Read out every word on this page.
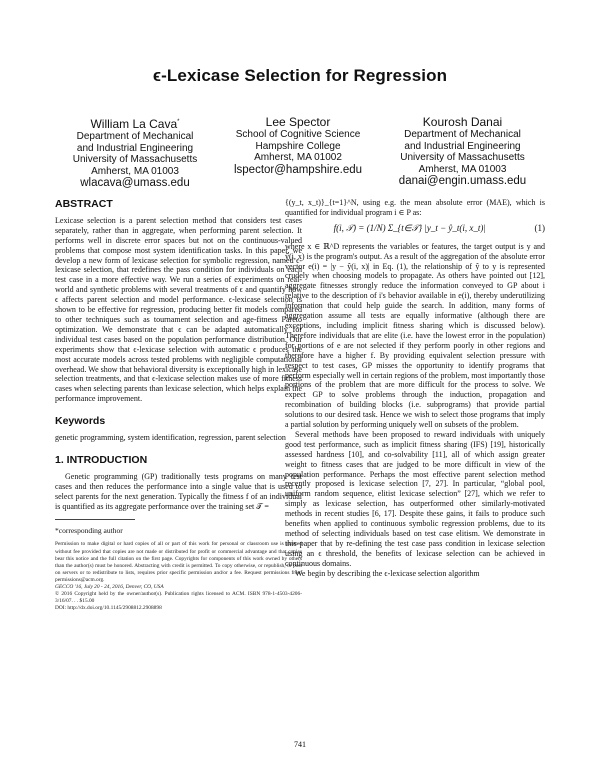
ϵ-Lexicase Selection for Regression
William La Cava*
Department of Mechanical
and Industrial Engineering
University of Massachusetts
Amherst, MA 01003
wlacava@umass.edu
Lee Spector
School of Cognitive Science
Hampshire College
Amherst, MA 01002
lspector@hampshire.edu
Kourosh Danai
Department of Mechanical
and Industrial Engineering
University of Massachusetts
Amherst, MA 01003
danai@engin.umass.edu
ABSTRACT

Lexicase selection is a parent selection method that considers test cases separately, rather than in aggregate, when performing parent selection. It performs well in discrete error spaces but not on the continuous-valued problems that compose most system identification tasks. In this paper, we develop a new form of lexicase selection for symbolic regression, named ϵ-lexicase selection, that redefines the pass condition for individuals on each test case in a more effective way. We run a series of experiments on real-world and synthetic problems with several treatments of ϵ and quantify how ϵ affects parent selection and model performance. ϵ-lexicase selection is shown to be effective for regression, producing better fit models compared to other techniques such as tournament selection and age-fitness Pareto optimization. We demonstrate that ϵ can be adapted automatically for individual test cases based on the population performance distribution. Our experiments show that ϵ-lexicase selection with automatic ϵ produces the most accurate models across tested problems with negligible computational overhead. We show that behavioral diversity is exceptionally high in lexicase selection treatments, and that ϵ-lexicase selection makes use of more fitness cases when selecting parents than lexicase selection, which helps explain the performance improvement.

Keywords

genetic programming, system identification, regression, parent selection

1. INTRODUCTION

Genetic programming (GP) traditionally tests programs on many test cases and then reduces the performance into a single value that is used to select parents for the next generation. Typically the fitness f of an individual is quantified as its aggregate performance over the training set 𝒯 =

*corresponding author
Permission to make digital or hard copies of all or part of this work for personal or classroom use is granted without fee provided that copies are not made or distributed for profit or commercial advantage and that copies bear this notice and the full citation on the first page. Copyrights for components of this work owned by others than the author(s) must be honored. Abstracting with credit is permitted. To copy otherwise, or republish, to post on servers or to redistribute to lists, requires prior specific permission and/or a fee. Request permissions from permissions@acm.org.
GECCO '16, July 20 - 24, 2016, Denver, CO, USA
© 2016 Copyright held by the owner/author(s). Publication rights licensed to ACM. ISBN 978-1-4503-4206-3/16/07. . . $15.00
DOI: http://dx.doi.org/10.1145/2908812.2908898

{(y_t, x_t)}_{t=1}^N, using e.g. the mean absolute error (MAE), which is quantified for individual program i ∈ P as:

f(i, 𝒯) = (1/N) Σ_{t∈𝒯} |y_t − ŷ_t(i, x_t)|	(1)

where x ∈ ℝ^D represents the variables or features, the target output is y and ŷ(i, x) is the program's output. As a result of the aggregation of the absolute error vector e(i) = |y − ŷ(i, x)| in Eq. (1), the relationship of ŷ to y is represented crudely when choosing models to propagate. As others have pointed out [12], aggregate fitnesses strongly reduce the information conveyed to GP about i relative to the description of i's behavior available in e(i), thereby underutilizing information that could help guide the search. In addition, many forms of aggregation assume all tests are equally informative (although there are exceptions, including implicit fitness sharing which is discussed below). Therefore individuals that are elite (i.e. have the lowest error in the population) for portions of e are not selected if they perform poorly in other regions and therefore have a higher f. By providing equivalent selection pressure with respect to test cases, GP misses the opportunity to identify programs that perform especially well in certain regions of the problem, most importantly those portions of the problem that are more difficult for the process to solve. We expect GP to solve problems through the induction, propagation and recombination of building blocks (i.e. subprograms) that provide partial solutions to our desired task. Hence we wish to select those programs that imply a partial solution by performing uniquely well on subsets of the problem.

Several methods have been proposed to reward individuals with uniquely good test performance, such as implicit fitness sharing (IFS) [19], historically assessed hardness [10], and co-solvability [11], all of which assign greater weight to fitness cases that are judged to be more difficult in view of the population performance. Perhaps the most effective parent selection method recently proposed is lexicase selection [7, 27]. In particular, “global pool, uniform random sequence, elitist lexicase selection” [27], which we refer to simply as lexicase selection, has outperformed other similarly-motivated methods in recent studies [6, 17]. Despite these gains, it fails to produce such benefits when applied to continuous symbolic regression problems, due to its method of selecting individuals based on test case elitism. We demonstrate in this paper that by re-defining the test case pass condition in lexicase selection using an ϵ threshold, the benefits of lexicase selection can be achieved in continuous domains.

We begin by describing the ϵ-lexicase selection algorithm

741
